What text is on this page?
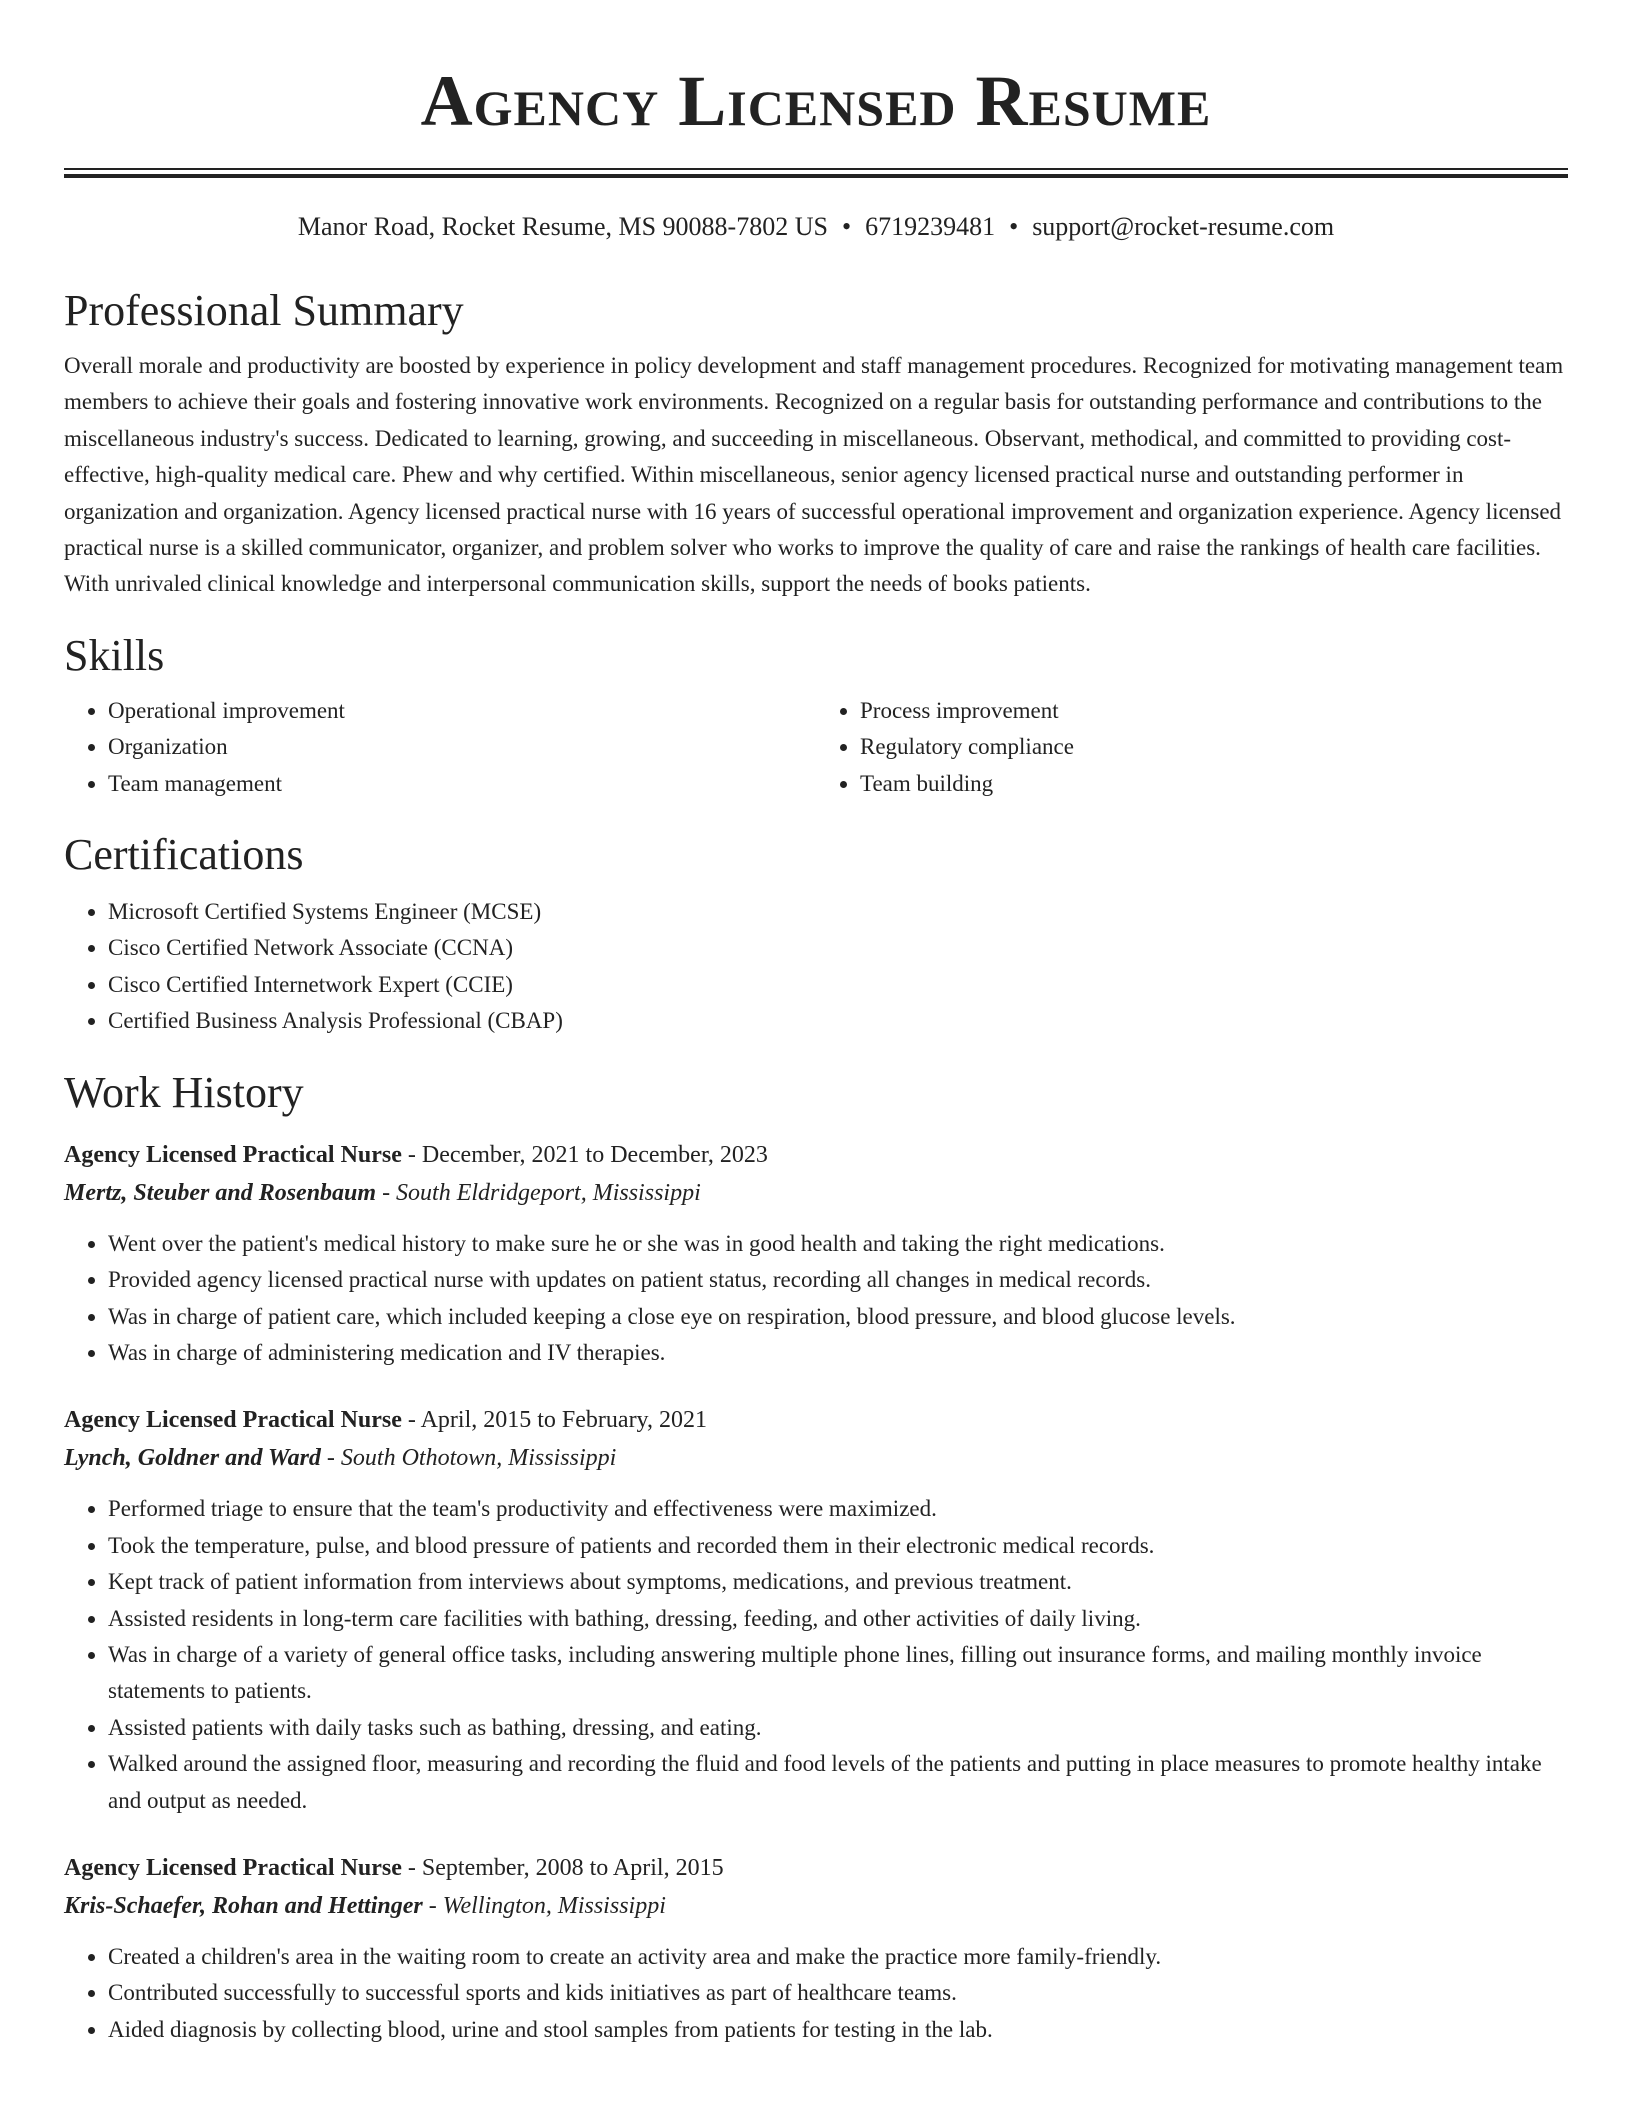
Agency Licensed Resume
Manor Road, Rocket Resume, MS 90088-7802 US • 6719239481 • support@rocket-resume.com
Professional Summary
Overall morale and productivity are boosted by experience in policy development and staff management procedures. Recognized for motivating management team members to achieve their goals and fostering innovative work environments. Recognized on a regular basis for outstanding performance and contributions to the miscellaneous industry's success. Dedicated to learning, growing, and succeeding in miscellaneous. Observant, methodical, and committed to providing cost-effective, high-quality medical care. Phew and why certified. Within miscellaneous, senior agency licensed practical nurse and outstanding performer in organization and organization. Agency licensed practical nurse with 16 years of successful operational improvement and organization experience. Agency licensed practical nurse is a skilled communicator, organizer, and problem solver who works to improve the quality of care and raise the rankings of health care facilities. With unrivaled clinical knowledge and interpersonal communication skills, support the needs of books patients.
Skills
• Operational improvement
• Organization
• Team management
• Process improvement
• Regulatory compliance
• Team building
Certifications
• Microsoft Certified Systems Engineer (MCSE)
• Cisco Certified Network Associate (CCNA)
• Cisco Certified Internetwork Expert (CCIE)
• Certified Business Analysis Professional (CBAP)
Work History
Agency Licensed Practical Nurse - December, 2021 to December, 2023
Mertz, Steuber and Rosenbaum - South Eldridgeport, Mississippi
• Went over the patient's medical history to make sure he or she was in good health and taking the right medications.
• Provided agency licensed practical nurse with updates on patient status, recording all changes in medical records.
• Was in charge of patient care, which included keeping a close eye on respiration, blood pressure, and blood glucose levels.
• Was in charge of administering medication and IV therapies.
Agency Licensed Practical Nurse - April, 2015 to February, 2021
Lynch, Goldner and Ward - South Othotown, Mississippi
• Performed triage to ensure that the team's productivity and effectiveness were maximized.
• Took the temperature, pulse, and blood pressure of patients and recorded them in their electronic medical records.
• Kept track of patient information from interviews about symptoms, medications, and previous treatment.
• Assisted residents in long-term care facilities with bathing, dressing, feeding, and other activities of daily living.
• Was in charge of a variety of general office tasks, including answering multiple phone lines, filling out insurance forms, and mailing monthly invoice statements to patients.
• Assisted patients with daily tasks such as bathing, dressing, and eating.
• Walked around the assigned floor, measuring and recording the fluid and food levels of the patients and putting in place measures to promote healthy intake and output as needed.
Agency Licensed Practical Nurse - September, 2008 to April, 2015
Kris-Schaefer, Rohan and Hettinger - Wellington, Mississippi
• Created a children's area in the waiting room to create an activity area and make the practice more family-friendly.
• Contributed successfully to successful sports and kids initiatives as part of healthcare teams.
• Aided diagnosis by collecting blood, urine and stool samples from patients for testing in the lab.
